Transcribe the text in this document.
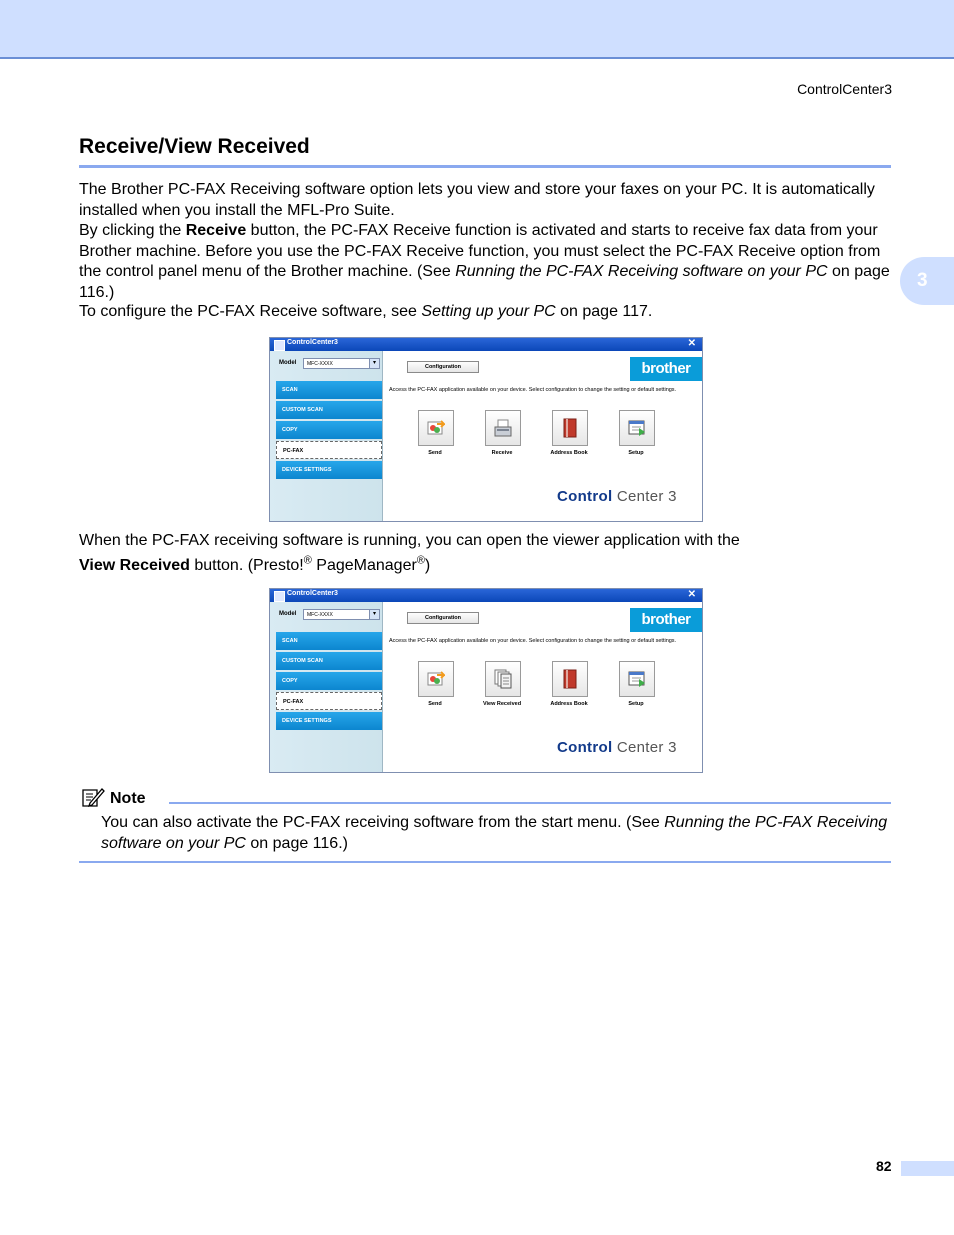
ControlCenter3
3
Receive/View Received

The Brother PC-FAX Receiving software option lets you view and store your faxes on your PC. It is automatically installed when you install the MFL-Pro Suite.

By clicking the Receive button, the PC-FAX Receive function is activated and starts to receive fax data from your Brother machine. Before you use the PC-FAX Receive function, you must select the PC-FAX Receive option from the control panel menu of the Brother machine. (See Running the PC-FAX Receiving software on your PC on page 116.)

To configure the PC-FAX Receive software, see Setting up your PC on page 117.

ControlCenter3	✕
Model	MFC-XXXX	▾
Configuration	brother
SCAN
CUSTOM SCAN
COPY
PC-FAX
DEVICE SETTINGS
Access the PC-FAX application available on your device. Select configuration to change the setting or default settings.
Send	Receive	Address Book	Setup
Control Center 3

When the PC-FAX receiving software is running, you can open the viewer application with the
View Received button. (Presto!® PageManager®)

ControlCenter3	✕
Model	MFC-XXXX	▾
Configuration	brother
SCAN
CUSTOM SCAN
COPY
PC-FAX
DEVICE SETTINGS
Access the PC-FAX application available on your device. Select configuration to change the setting or default settings.
Send	View Received	Address Book	Setup
Control Center 3
Note

You can also activate the PC-FAX receiving software from the start menu. (See Running the PC-FAX Receiving software on your PC on page 116.)

82
